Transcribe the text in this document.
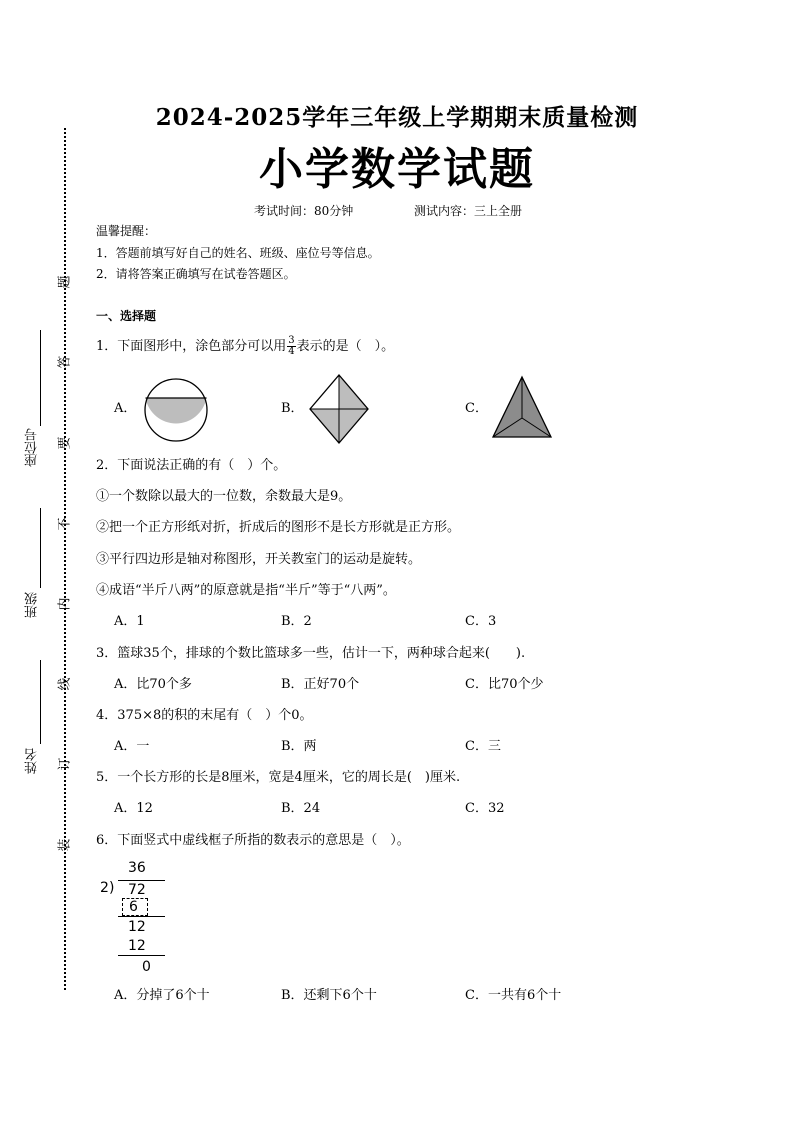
题
答
要
不
内
线
订
装
座位号
班级
姓名
2024-2025学年三年级上学期期末质量检测
小学数学试题
考试时间：80分钟	测试内容：三上全册
温馨提醒：
1．答题前填写好自己的姓名、班级、座位号等信息。
2．请将答案正确填写在试卷答题区。
一、选择题
1．下面图形中，涂色部分可以用 $\frac{3}{4}$ 表示的是（　）。
A．	B．	C．
2．下面说法正确的有（　）个。
①一个数除以最大的一位数，余数最大是9。
②把一个正方形纸对折，折成后的图形不是长方形就是正方形。
③平行四边形是轴对称图形，开关教室门的运动是旋转。
④成语“半斤八两”的原意就是指“半斤”等于“八两”。
A．1	B．2	C．3
3．篮球35个，排球的个数比篮球多一些，估计一下，两种球合起来(　　).
A．比70个多	B．正好70个	C．比70个少
4．375×8的积的末尾有（　）个0。
A．一	B．两	C．三
5．一个长方形的长是8厘米，宽是4厘米，它的周长是(　)厘米.
A．12	B．24	C．32
6．下面竖式中虚线框子所指的数表示的意思是（　）。
36
2 ) 72
6
12
12
0
A．分掉了6个十	B．还剩下6个十	C．一共有6个十
